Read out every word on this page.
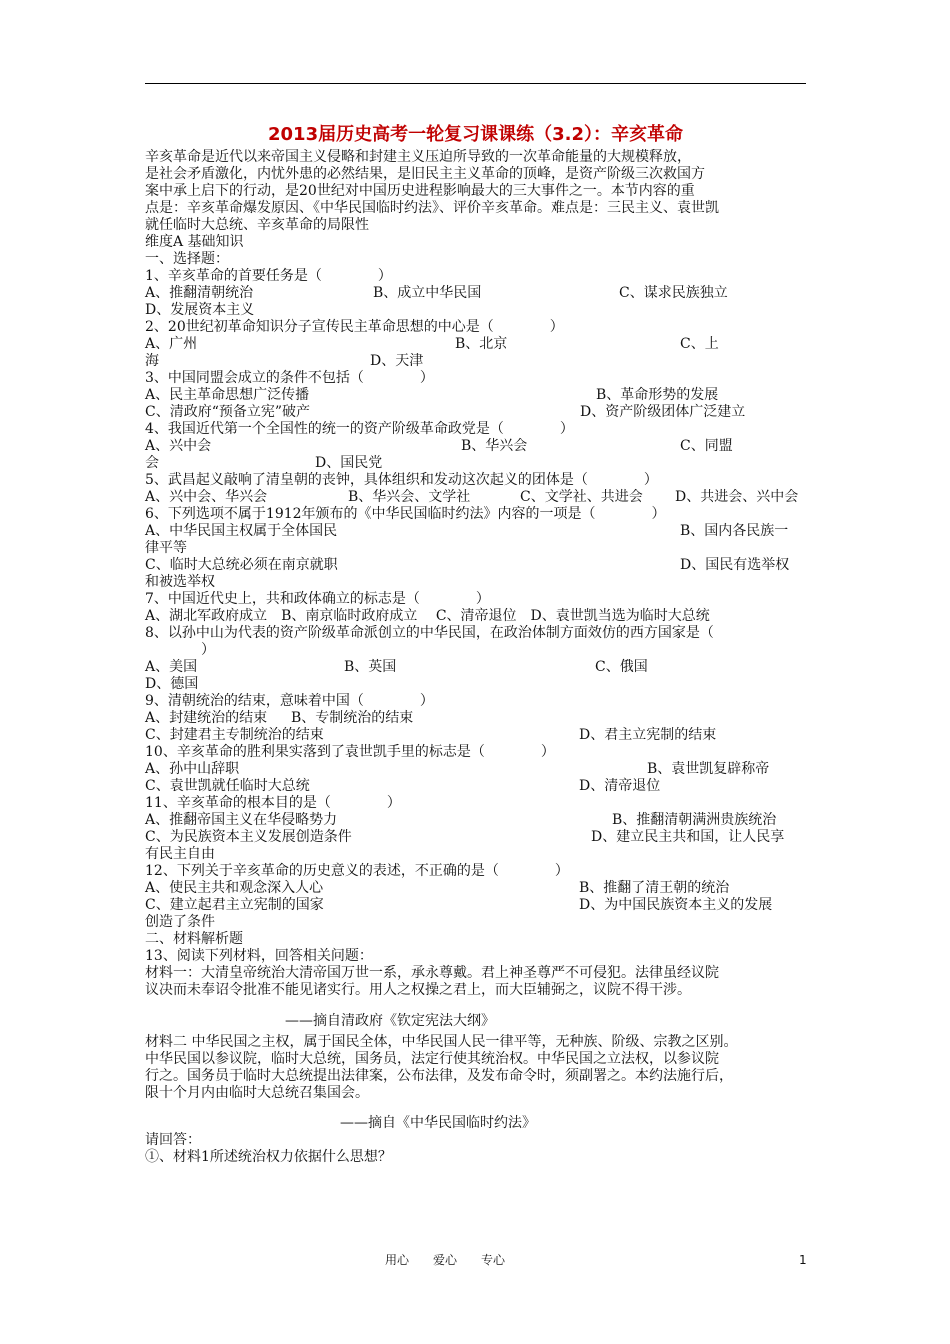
2013届历史高考一轮复习课课练（3.2）：辛亥革命
辛亥革命是近代以来帝国主义侵略和封建主义压迫所导致的一次革命能量的大规模释放，
是社会矛盾激化，内忧外患的必然结果，是旧民主主义革命的顶峰，是资产阶级三次救国方
案中承上启下的行动，是20世纪对中国历史进程影响最大的三大事件之一。本节内容的重
点是：辛亥革命爆发原因、《中华民国临时约法》、评价辛亥革命。难点是：三民主义、袁世凯
就任临时大总统、辛亥革命的局限性
维度A 基础知识
一、选择题：
1、辛亥革命的首要任务是（　　　　）
A、推翻清朝统治	B、成立中华民国	C、谋求民族独立
D、发展资本主义
2、20世纪初革命知识分子宣传民主革命思想的中心是（　　　　）
A、广州	B、北京	C、上
海	D、天津
3、中国同盟会成立的条件不包括（　　　　）
A、民主革命思想广泛传播	B、革命形势的发展
C、清政府“预备立宪”破产	D、资产阶级团体广泛建立
4、我国近代第一个全国性的统一的资产阶级革命政党是（　　　　）
A、兴中会	B、华兴会	C、同盟
会	D、国民党
5、武昌起义敲响了清皇朝的丧钟，具体组织和发动这次起义的团体是（　　　　）
A、兴中会、华兴会	B、华兴会、文学社	C、文学社、共进会 D、共进会、兴中会
6、下列选项不属于1912年颁布的《中华民国临时约法》内容的一项是（　　　　）
A、中华民国主权属于全体国民	B、国内各民族一
律平等
C、临时大总统必须在南京就职	D、国民有选举权
和被选举权
7、中国近代史上，共和政体确立的标志是（　　　　）
A、湖北军政府成立　B、南京临时政府成立　 C、清帝退位　D、袁世凯当选为临时大总统
8、以孙中山为代表的资产阶级革命派创立的中华民国，在政治体制方面效仿的西方国家是（
）
A、美国	B、英国	C、俄国
D、德国
9、清朝统治的结束，意味着中国（　　　　）
A、封建统治的结束 B、专制统治的结束
C、封建君主专制统治的结束	D、君主立宪制的结束
10、辛亥革命的胜利果实落到了袁世凯手里的标志是（　　　　）
A、孙中山辞职	B、袁世凯复辟称帝
C、袁世凯就任临时大总统	D、清帝退位
11、辛亥革命的根本目的是（　　　　）
A、推翻帝国主义在华侵略势力	B、推翻清朝满洲贵族统治
C、为民族资本主义发展创造条件	D、建立民主共和国，让人民享
有民主自由
12、下列关于辛亥革命的历史意义的表述，不正确的是（　　　　）
A、使民主共和观念深入人心	B、推翻了清王朝的统治
C、建立起君主立宪制的国家	D、为中国民族资本主义的发展
创造了条件
二、材料解析题
13、阅读下列材料，回答相关问题：
材料一：大清皇帝统治大清帝国万世一系，承永尊戴。君上神圣尊严不可侵犯。法律虽经议院
议决而未奉诏令批准不能见诸实行。用人之权操之君上，而大臣辅弼之，议院不得干涉。
——摘自清政府《钦定宪法大纲》
材料二 中华民国之主权，属于国民全体，中华民国人民一律平等，无种族、阶级、宗教之区别。
中华民国以参议院，临时大总统，国务员，法定行使其统治权。中华民国之立法权，以参议院
行之。国务员于临时大总统提出法律案，公布法律，及发布命令时，须副署之。本约法施行后，
限十个月内由临时大总统召集国会。
——摘自《中华民国临时约法》
请回答：
①、材料1所述统治权力依据什么思想？
用心　　爱心　　专心	1
